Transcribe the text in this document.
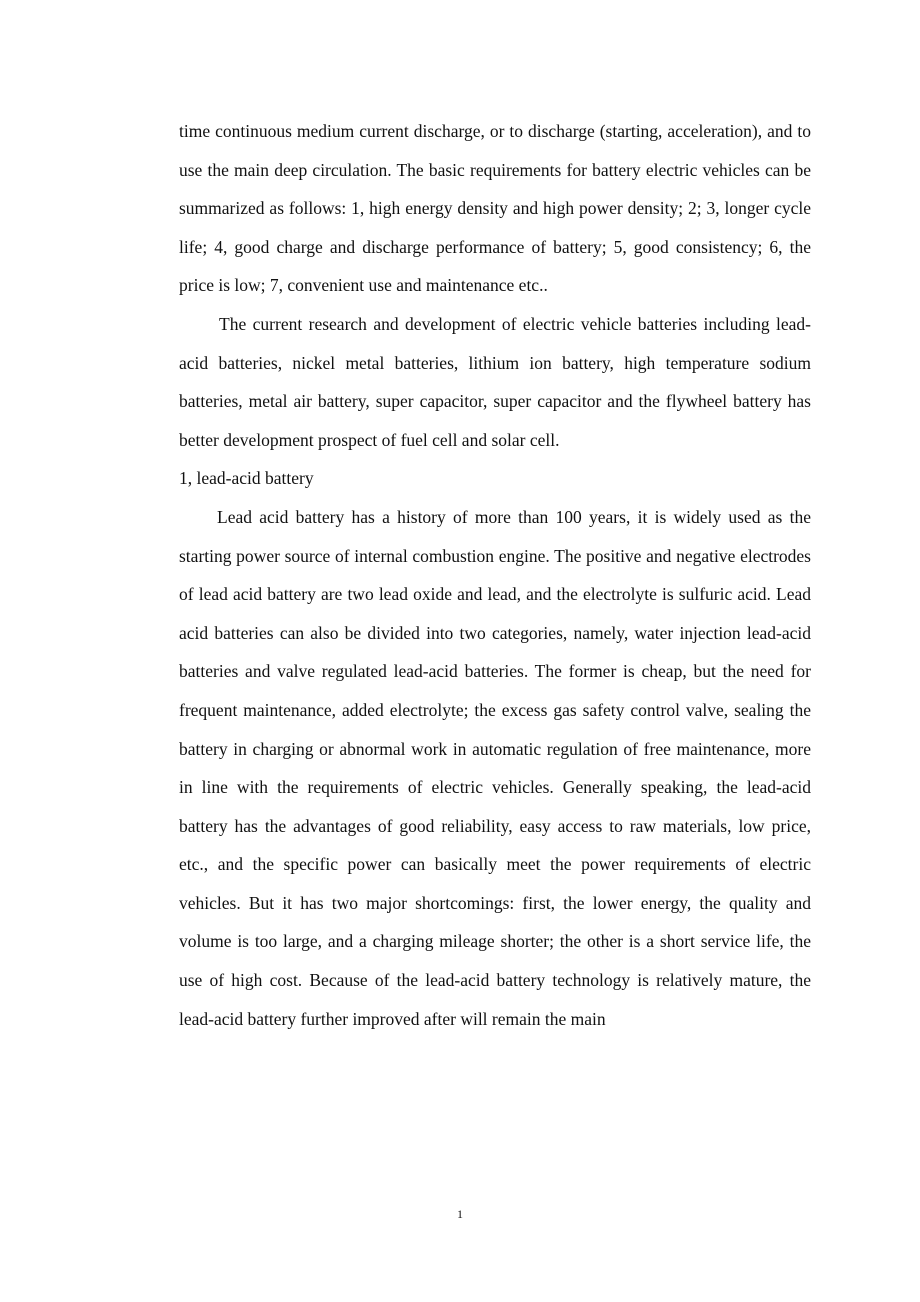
time continuous medium current discharge, or to discharge (starting, acceleration), and to use the main deep circulation. The basic requirements for battery electric vehicles can be summarized as follows: 1, high energy density and high power density; 2; 3, longer cycle life; 4, good charge and discharge performance of battery; 5, good consistency; 6, the price is low; 7, convenient use and maintenance etc..

The current research and development of electric vehicle batteries including lead-acid batteries, nickel metal batteries, lithium ion battery, high temperature sodium batteries, metal air battery, super capacitor, super capacitor and the flywheel battery has better development prospect of fuel cell and solar cell.

1, lead-acid battery

Lead acid battery has a history of more than 100 years, it is widely used as the starting power source of internal combustion engine. The positive and negative electrodes of lead acid battery are two lead oxide and lead, and the electrolyte is sulfuric acid. Lead acid batteries can also be divided into two categories, namely, water injection lead-acid batteries and valve regulated lead-acid batteries. The former is cheap, but the need for frequent maintenance, added electrolyte; the excess gas safety control valve, sealing the battery in charging or abnormal work in automatic regulation of free maintenance, more in line with the requirements of electric vehicles. Generally speaking, the lead-acid battery has the advantages of good reliability, easy access to raw materials, low price, etc., and the specific power can basically meet the power requirements of electric vehicles. But it has two major shortcomings: first, the lower energy, the quality and volume is too large, and a charging mileage shorter; the other is a short service life, the use of high cost. Because of the lead-acid battery technology is relatively mature, the lead-acid battery further improved after will remain the main

1
